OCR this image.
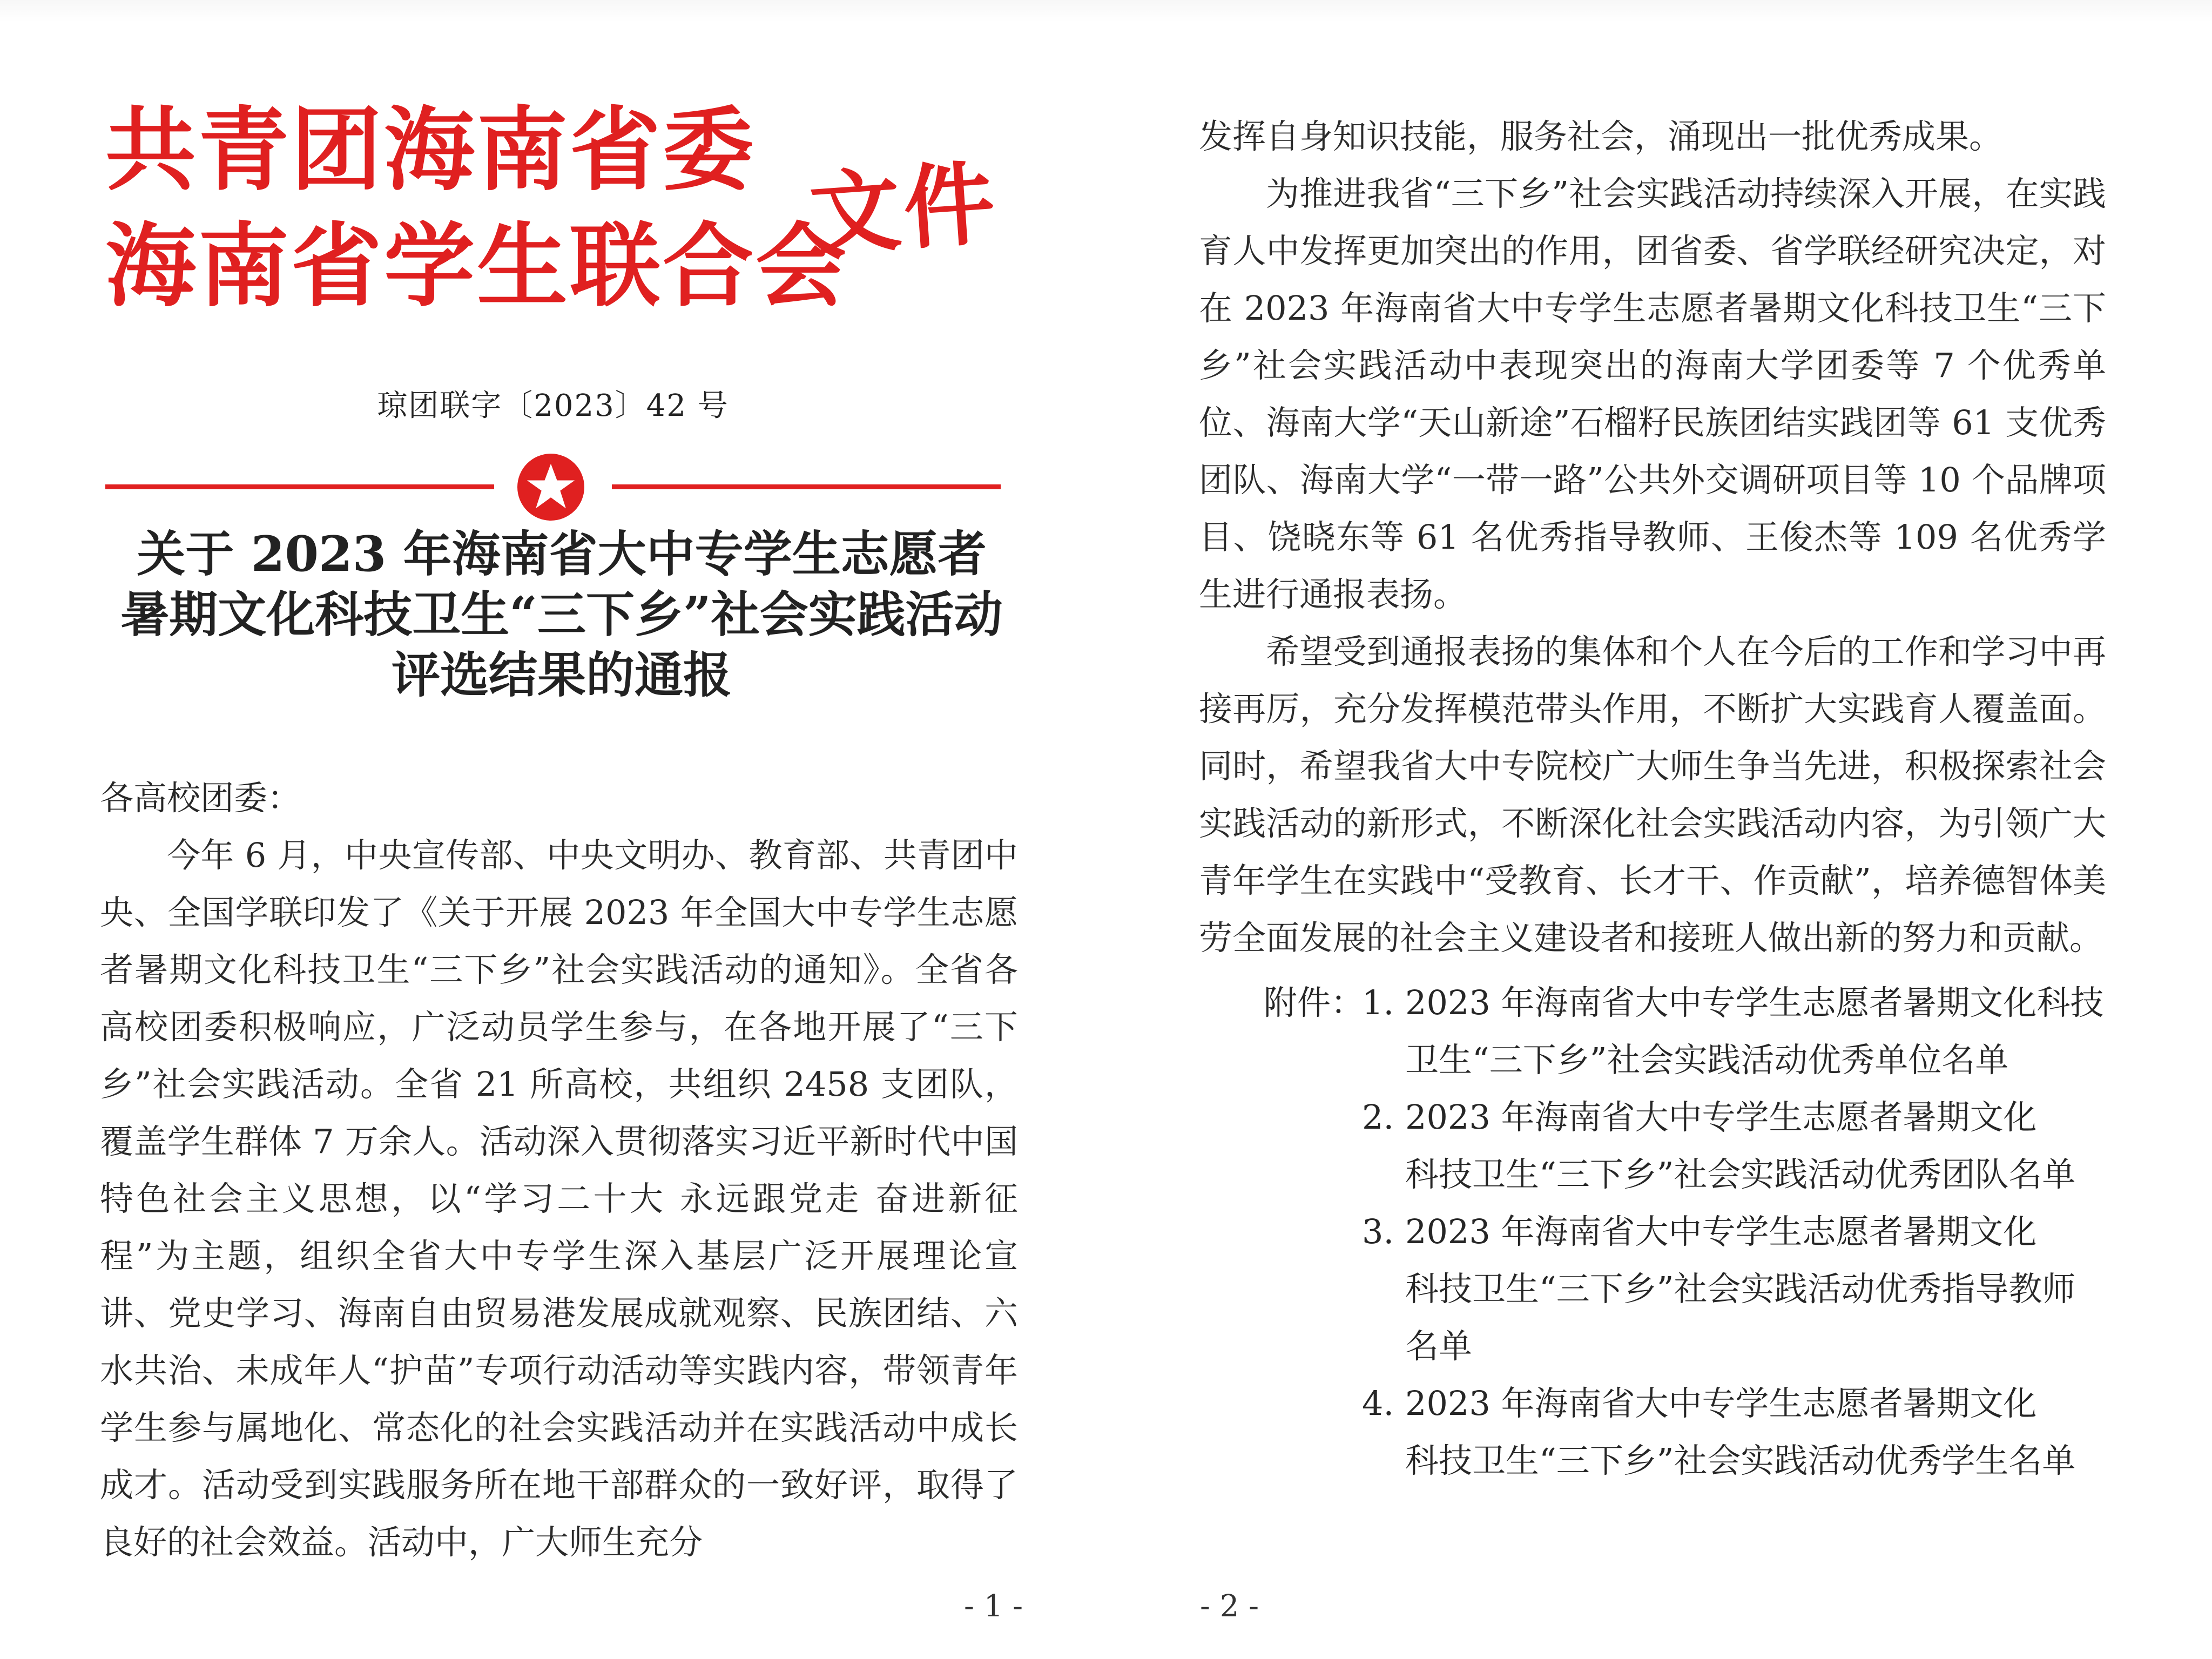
共青团海南省委
海南省学生联合会
文件
琼团联字〔2023〕42 号
关于 2023 年海南省大中专学生志愿者
暑期文化科技卫生“三下乡”社会实践活动
评选结果的通报
各高校团委：

今年 6 月，中央宣传部、中央文明办、教育部、共青团中央、全国学联印发了《关于开展 2023 年全国大中专学生志愿者暑期文化科技卫生“三下乡”社会实践活动的通知》。全省各高校团委积极响应，广泛动员学生参与，在各地开展了“三下乡”社会实践活动。全省 21 所高校，共组织 2458 支团队，覆盖学生群体 7 万余人。活动深入贯彻落实习近平新时代中国特色社会主义思想，以“学习二十大 永远跟党走 奋进新征程”为主题，组织全省大中专学生深入基层广泛开展理论宣讲、党史学习、海南自由贸易港发展成就观察、民族团结、六水共治、未成年人“护苗”专项行动活动等实践内容，带领青年学生参与属地化、常态化的社会实践活动并在实践活动中成长成才。活动受到实践服务所在地干部群众的一致好评，取得了良好的社会效益。活动中，广大师生充分

- 1 -

发挥自身知识技能，服务社会，涌现出一批优秀成果。

为推进我省“三下乡”社会实践活动持续深入开展，在实践育人中发挥更加突出的作用，团省委、省学联经研究决定，对在 2023 年海南省大中专学生志愿者暑期文化科技卫生“三下乡”社会实践活动中表现突出的海南大学团委等 7 个优秀单位、海南大学“天山新途”石榴籽民族团结实践团等 61 支优秀团队、海南大学“一带一路”公共外交调研项目等 10 个品牌项目、饶晓东等 61 名优秀指导教师、王俊杰等 109 名优秀学生进行通报表扬。

希望受到通报表扬的集体和个人在今后的工作和学习中再接再厉，充分发挥模范带头作用，不断扩大实践育人覆盖面。同时，希望我省大中专院校广大师生争当先进，积极探索社会实践活动的新形式，不断深化社会实践活动内容，为引领广大青年学生在实践中“受教育、长才干、作贡献”，培养德智体美劳全面发展的社会主义建设者和接班人做出新的努力和贡献。

附件：
1. 2023 年海南省大中专学生志愿者暑期文化科技
卫生“三下乡”社会实践活动优秀单位名单
2. 2023 年海南省大中专学生志愿者暑期文化
科技卫生“三下乡”社会实践活动优秀团队名单
3. 2023 年海南省大中专学生志愿者暑期文化
科技卫生“三下乡”社会实践活动优秀指导教师
名单
4. 2023 年海南省大中专学生志愿者暑期文化
科技卫生“三下乡”社会实践活动优秀学生名单
- 2 -
